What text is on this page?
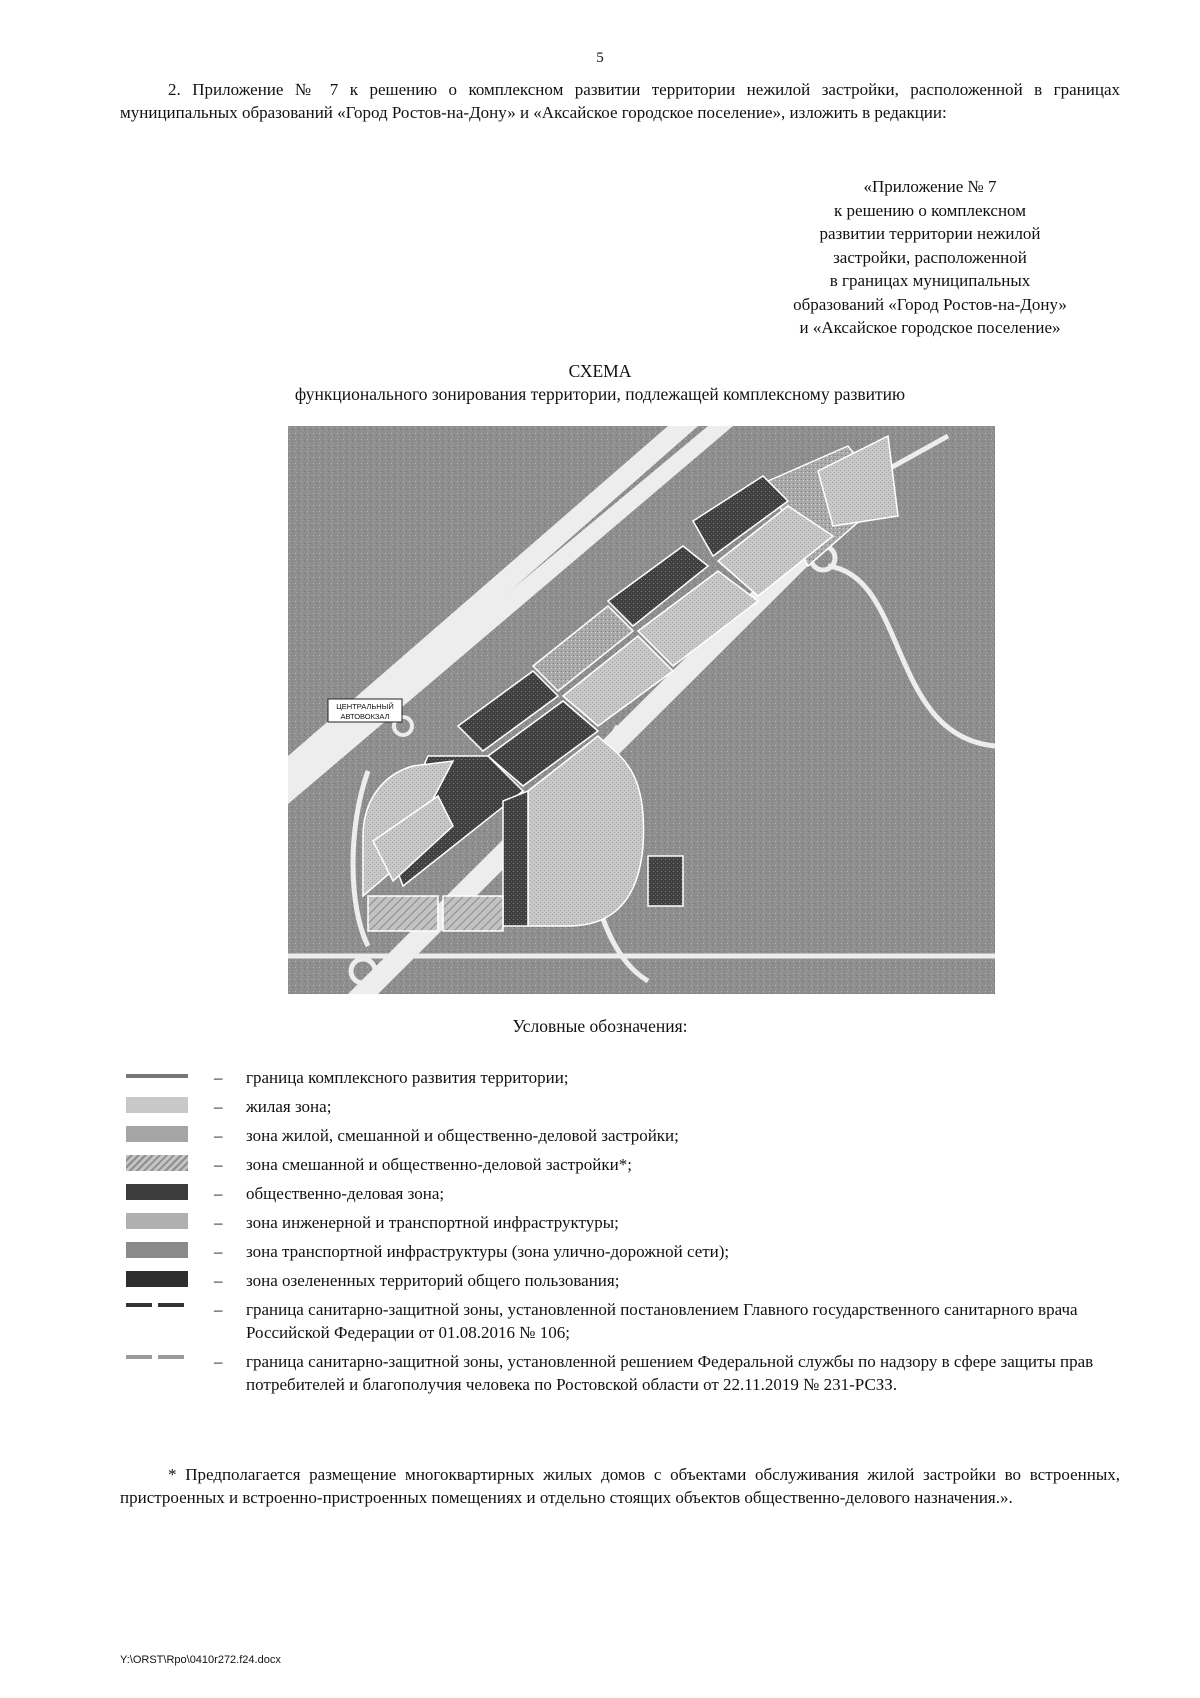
5

2. Приложение № 7 к решению о комплексном развитии территории нежилой застройки, расположенной в границах муниципальных образований «Город Ростов-на-Дону» и «Аксайское городское поселение», изложить в редакции:

«Приложение № 7
к решению о комплексном
развитии территории нежилой
застройки, расположенной
в границах муниципальных
образований «Город Ростов-на-Дону»
и «Аксайское городское поселение»
СХЕМА
функционального зонирования территории, подлежащей комплексному развитию
ЦЕНТРАЛЬНЫЙ
АВТОВОКЗАЛ
Условные обозначения:
– граница комплексного развития территории;
– жилая зона;
– зона жилой, смешанной и общественно-деловой застройки;
– зона смешанной и общественно-деловой застройки*;
– общественно-деловая зона;
– зона инженерной и транспортной инфраструктуры;
– зона транспортной инфраструктуры (зона улично-дорожной сети);
– зона озелененных территорий общего пользования;
– граница санитарно-защитной зоны, установленной постановлением Главного государственного санитарного врача Российской Федерации от 01.08.2016 № 106;
– граница санитарно-защитной зоны, установленной решением Федеральной службы по надзору в сфере защиты прав потребителей и благополучия человека по Ростовской области от 22.11.2019 № 231-РСЗЗ.

* Предполагается размещение многоквартирных жилых домов с объектами обслуживания жилой застройки во встроенных, пристроенных и встроенно-пристроенных помещениях и отдельно стоящих объектов общественно-делового назначения.».

Y:\ORST\Rpo\0410r272.f24.docx
